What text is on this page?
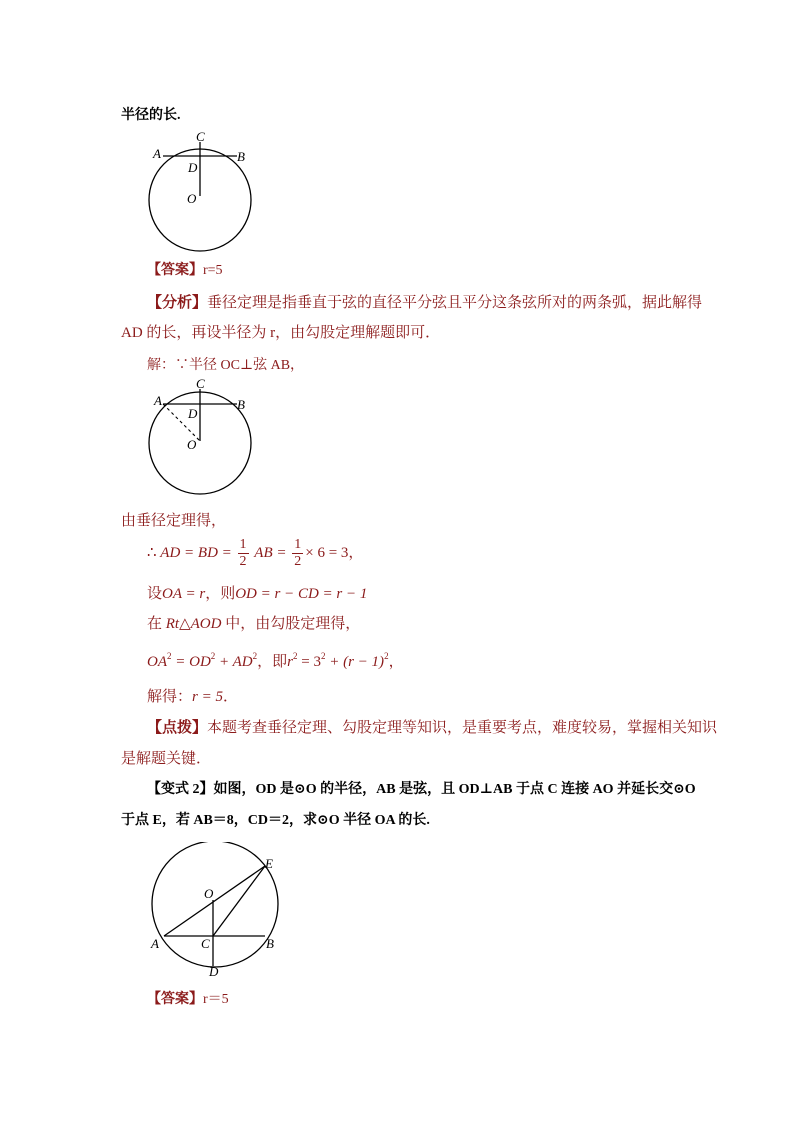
半径的长.
C
A	B
D
O
【答案】r=5
【分析】垂径定理是指垂直于弦的直径平分弦且平分这条弦所对的两条弧，据此解得
AD 的长，再设半径为 r，由勾股定理解题即可．
解：∵半径 OC⊥弦 AB，
C
A	B
D
O
由垂径定理得，
∴ AD = BD = $\frac{1}{2}$ AB = $\frac{1}{2} \times 6 = 3$，
设OA = r，则OD = r − CD = r − 1
在 Rt△AOD 中，由勾股定理得，
$OA^2 = OD^2 + AD^2$，即$r^2 = 3^2 + (r - 1)^2$，
解得：r = 5．
【点拨】本题考查垂径定理、勾股定理等知识，是重要考点，难度较易，掌握相关知识
是解题关键．
【变式 2】如图，OD 是⊙O 的半径，AB 是弦，且 OD⊥AB 于点 C 连接 AO 并延长交⊙O
于点 E，若 AB＝8，CD＝2，求⊙O 半径 OA 的长.
E
O
A	C	B
D
【答案】r＝5
